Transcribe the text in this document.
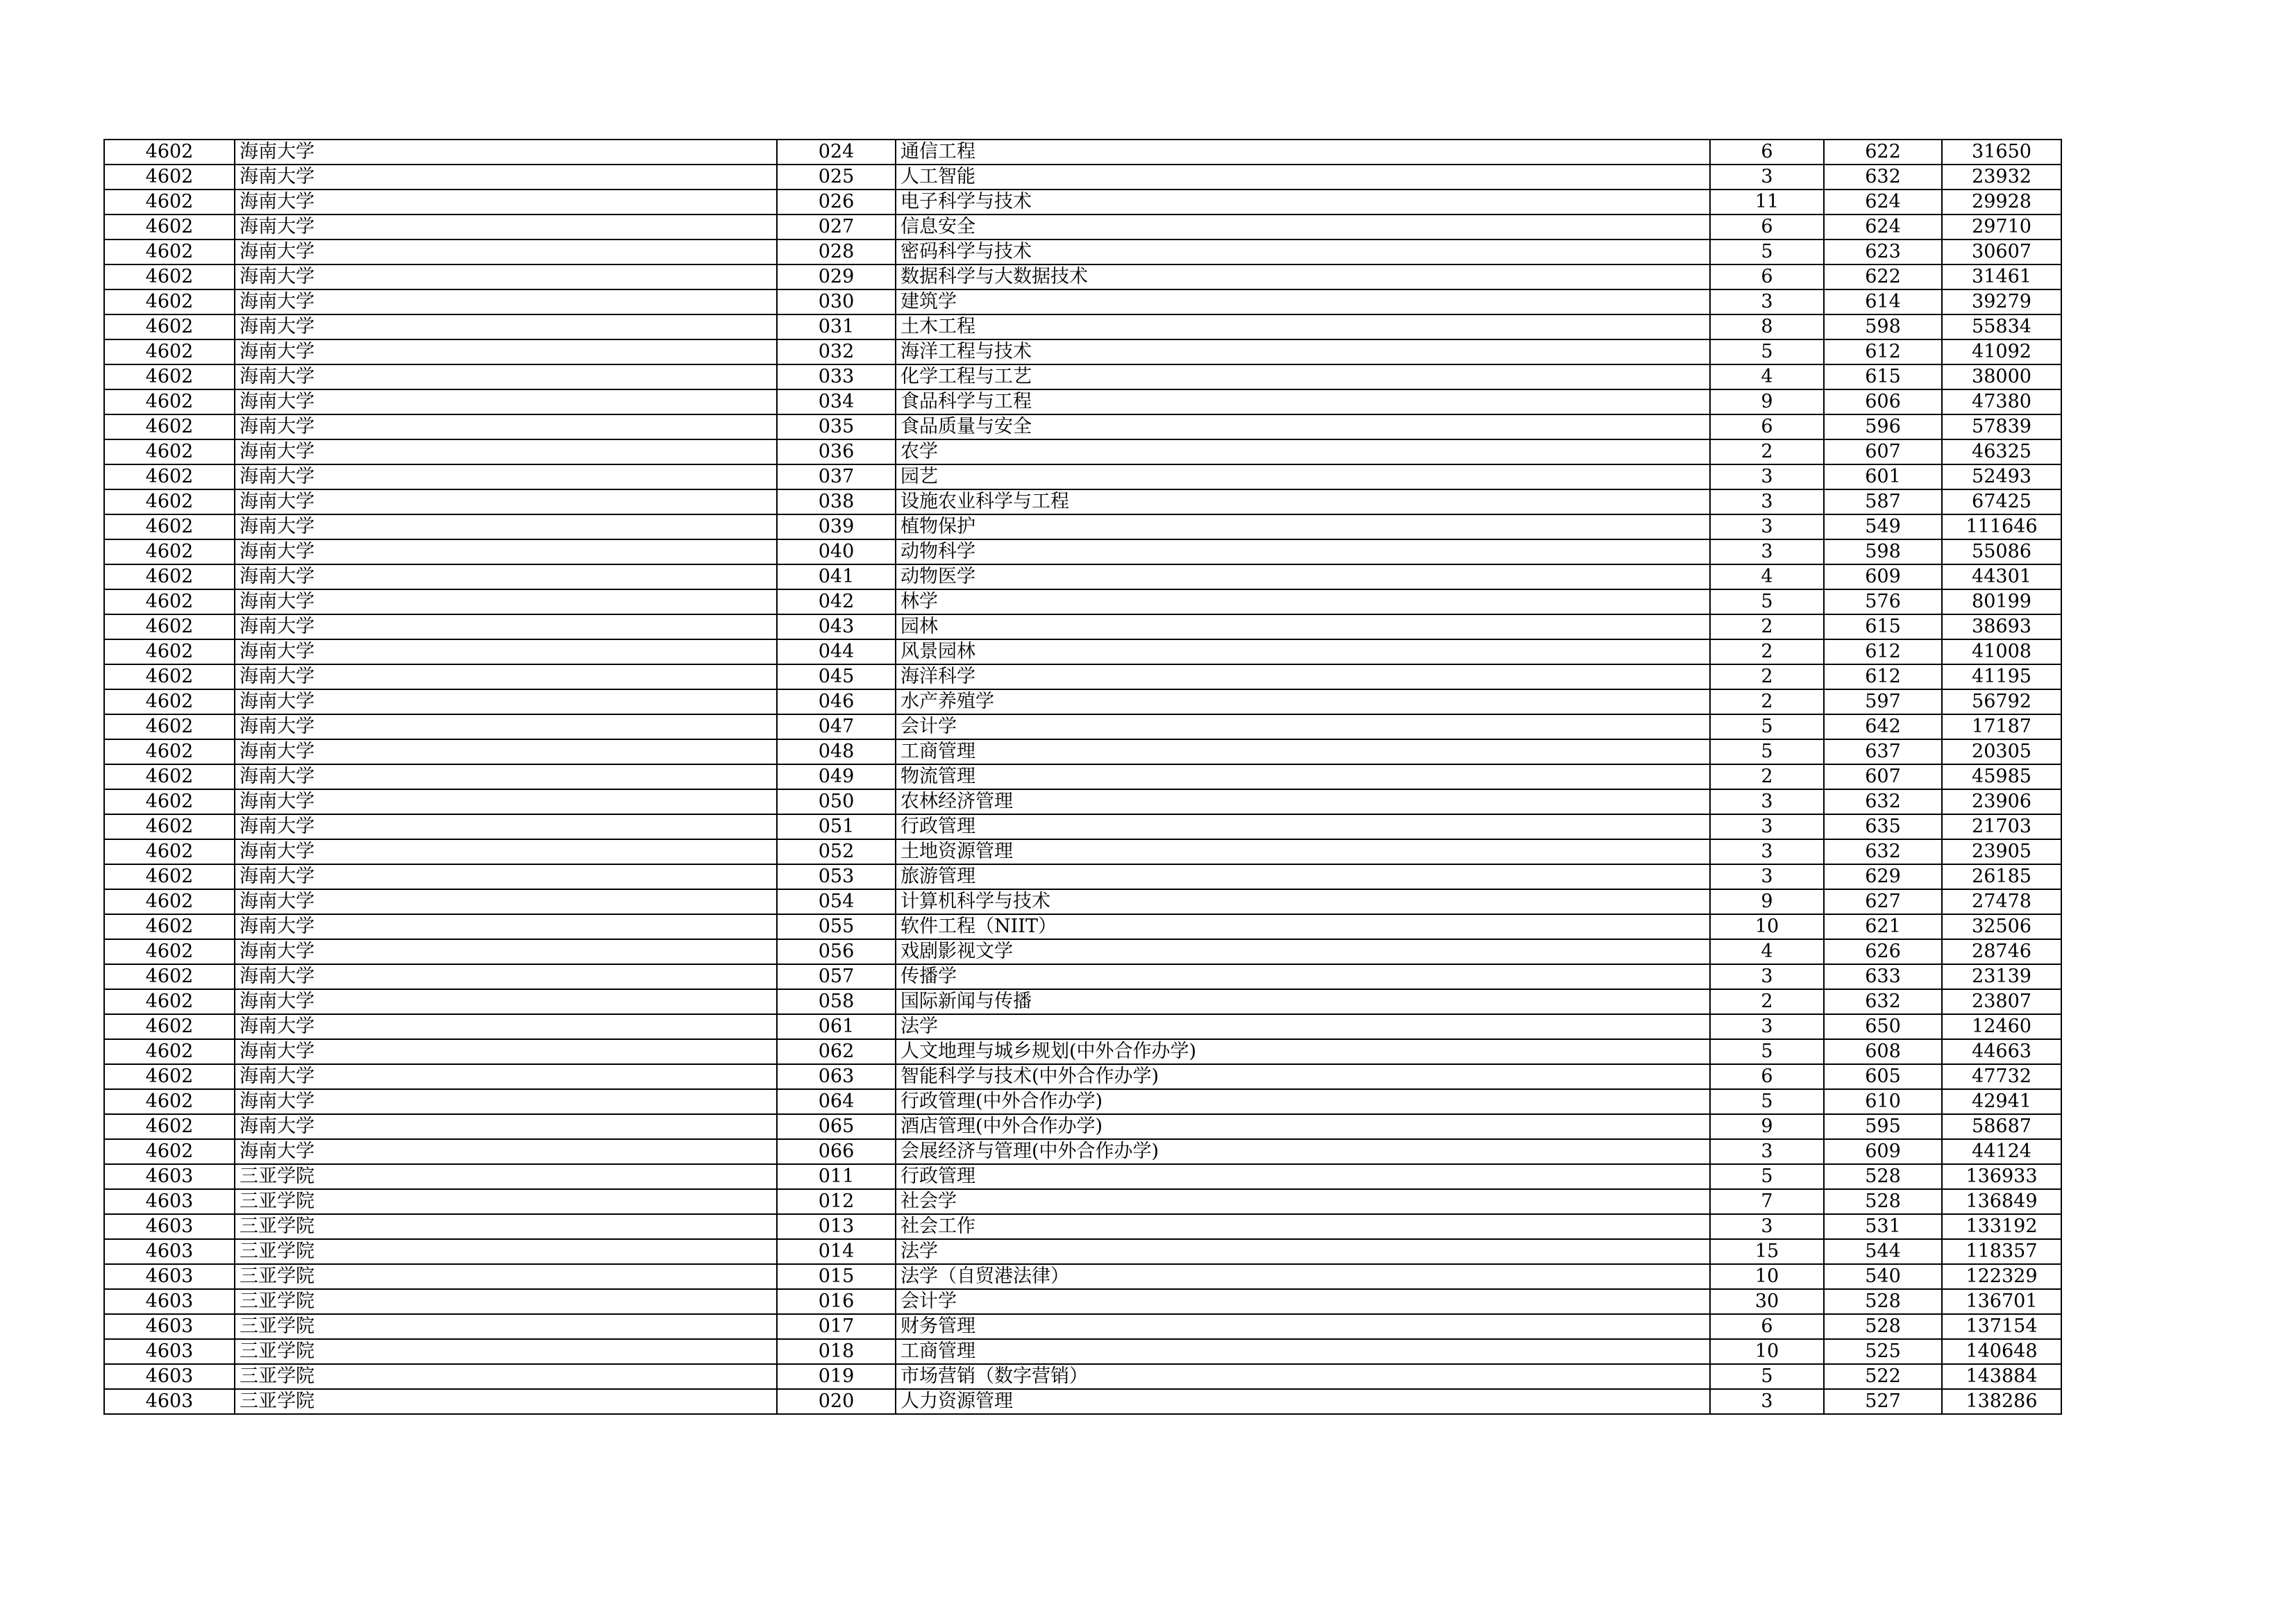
4602	海南大学	024	通信工程	6	622	31650
4602	海南大学	025	人工智能	3	632	23932
4602	海南大学	026	电子科学与技术	11	624	29928
4602	海南大学	027	信息安全	6	624	29710
4602	海南大学	028	密码科学与技术	5	623	30607
4602	海南大学	029	数据科学与大数据技术	6	622	31461
4602	海南大学	030	建筑学	3	614	39279
4602	海南大学	031	土木工程	8	598	55834
4602	海南大学	032	海洋工程与技术	5	612	41092
4602	海南大学	033	化学工程与工艺	4	615	38000
4602	海南大学	034	食品科学与工程	9	606	47380
4602	海南大学	035	食品质量与安全	6	596	57839
4602	海南大学	036	农学	2	607	46325
4602	海南大学	037	园艺	3	601	52493
4602	海南大学	038	设施农业科学与工程	3	587	67425
4602	海南大学	039	植物保护	3	549	111646
4602	海南大学	040	动物科学	3	598	55086
4602	海南大学	041	动物医学	4	609	44301
4602	海南大学	042	林学	5	576	80199
4602	海南大学	043	园林	2	615	38693
4602	海南大学	044	风景园林	2	612	41008
4602	海南大学	045	海洋科学	2	612	41195
4602	海南大学	046	水产养殖学	2	597	56792
4602	海南大学	047	会计学	5	642	17187
4602	海南大学	048	工商管理	5	637	20305
4602	海南大学	049	物流管理	2	607	45985
4602	海南大学	050	农林经济管理	3	632	23906
4602	海南大学	051	行政管理	3	635	21703
4602	海南大学	052	土地资源管理	3	632	23905
4602	海南大学	053	旅游管理	3	629	26185
4602	海南大学	054	计算机科学与技术	9	627	27478
4602	海南大学	055	软件工程（NIIT）	10	621	32506
4602	海南大学	056	戏剧影视文学	4	626	28746
4602	海南大学	057	传播学	3	633	23139
4602	海南大学	058	国际新闻与传播	2	632	23807
4602	海南大学	061	法学	3	650	12460
4602	海南大学	062	人文地理与城乡规划(中外合作办学)	5	608	44663
4602	海南大学	063	智能科学与技术(中外合作办学)	6	605	47732
4602	海南大学	064	行政管理(中外合作办学)	5	610	42941
4602	海南大学	065	酒店管理(中外合作办学)	9	595	58687
4602	海南大学	066	会展经济与管理(中外合作办学)	3	609	44124
4603	三亚学院	011	行政管理	5	528	136933
4603	三亚学院	012	社会学	7	528	136849
4603	三亚学院	013	社会工作	3	531	133192
4603	三亚学院	014	法学	15	544	118357
4603	三亚学院	015	法学（自贸港法律）	10	540	122329
4603	三亚学院	016	会计学	30	528	136701
4603	三亚学院	017	财务管理	6	528	137154
4603	三亚学院	018	工商管理	10	525	140648
4603	三亚学院	019	市场营销（数字营销）	5	522	143884
4603	三亚学院	020	人力资源管理	3	527	138286
